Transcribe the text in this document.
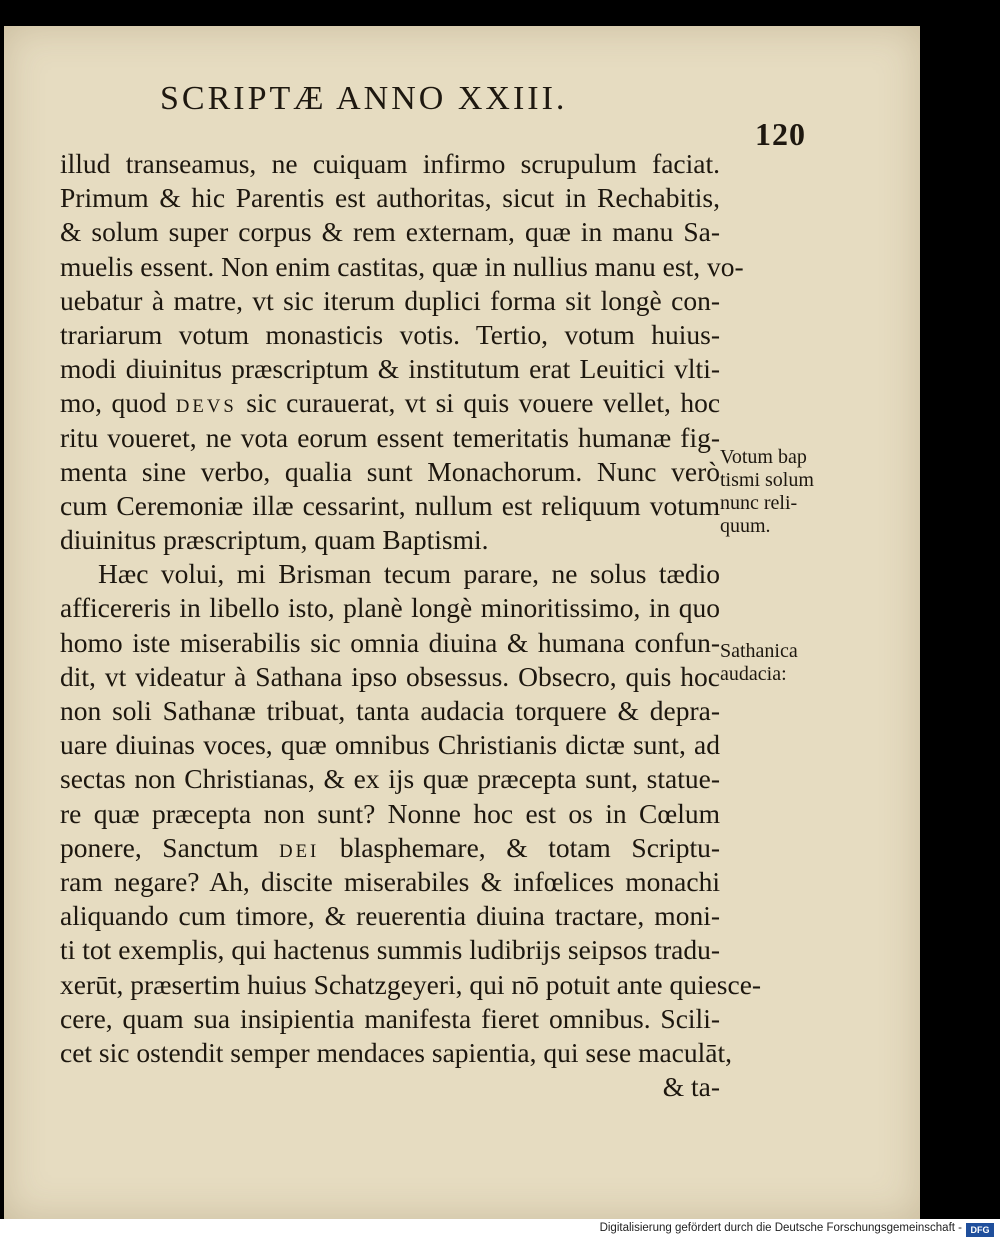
SCRIPTÆ ANNO XXIII.
120
illud transeamus, ne cuiquam infirmo scrupulum faciat.
Primum & hic Parentis est authoritas, sicut in Rechabitis,
& solum super corpus & rem externam, quæ in manu Sa-
muelis essent. Non enim castitas, quæ in nullius manu est, vo-
uebatur à matre, vt sic iterum duplici forma sit longè con-
trariarum votum monasticis votis. Tertio, votum huius-
modi diuinitus præscriptum & institutum erat Leuitici vlti-
mo, quod DEVS sic curauerat, vt si quis vouere vellet, hoc
ritu voueret, ne vota eorum essent temeritatis humanæ fig-
menta sine verbo, qualia sunt Monachorum. Nunc verò
cum Ceremoniæ illæ cessarint, nullum est reliquum votum
diuinitus præscriptum, quam Baptismi.
Hæc volui, mi Brisman tecum parare, ne solus tædio
afficereris in libello isto, planè longè minoritissimo, in quo
homo iste miserabilis sic omnia diuina & humana confun-
dit, vt videatur à Sathana ipso obsessus. Obsecro, quis hoc
non soli Sathanæ tribuat, tanta audacia torquere & depra-
uare diuinas voces, quæ omnibus Christianis dictæ sunt, ad
sectas non Christianas, & ex ijs quæ præcepta sunt, statue-
re quæ præcepta non sunt? Nonne hoc est os in Cœlum
ponere, Sanctum DEI blasphemare, & totam Scriptu-
ram negare? Ah, discite miserabiles & infœlices monachi
aliquando cum timore, & reuerentia diuina tractare, moni-
ti tot exemplis, qui hactenus summis ludibrijs seipsos tradu-
xerūt, præsertim huius Schatzgeyeri, qui nō potuit ante quiesce-
cere, quam sua insipientia manifesta fieret omnibus. Scili-
cet sic ostendit semper mendaces sapientia, qui sese maculāt,
& ta-
Votum bap
tismi solum
nunc reli-
quum.
Sathanica
audacia:
Digitalisierung gefördert durch die Deutsche Forschungsgemeinschaft - DFG
